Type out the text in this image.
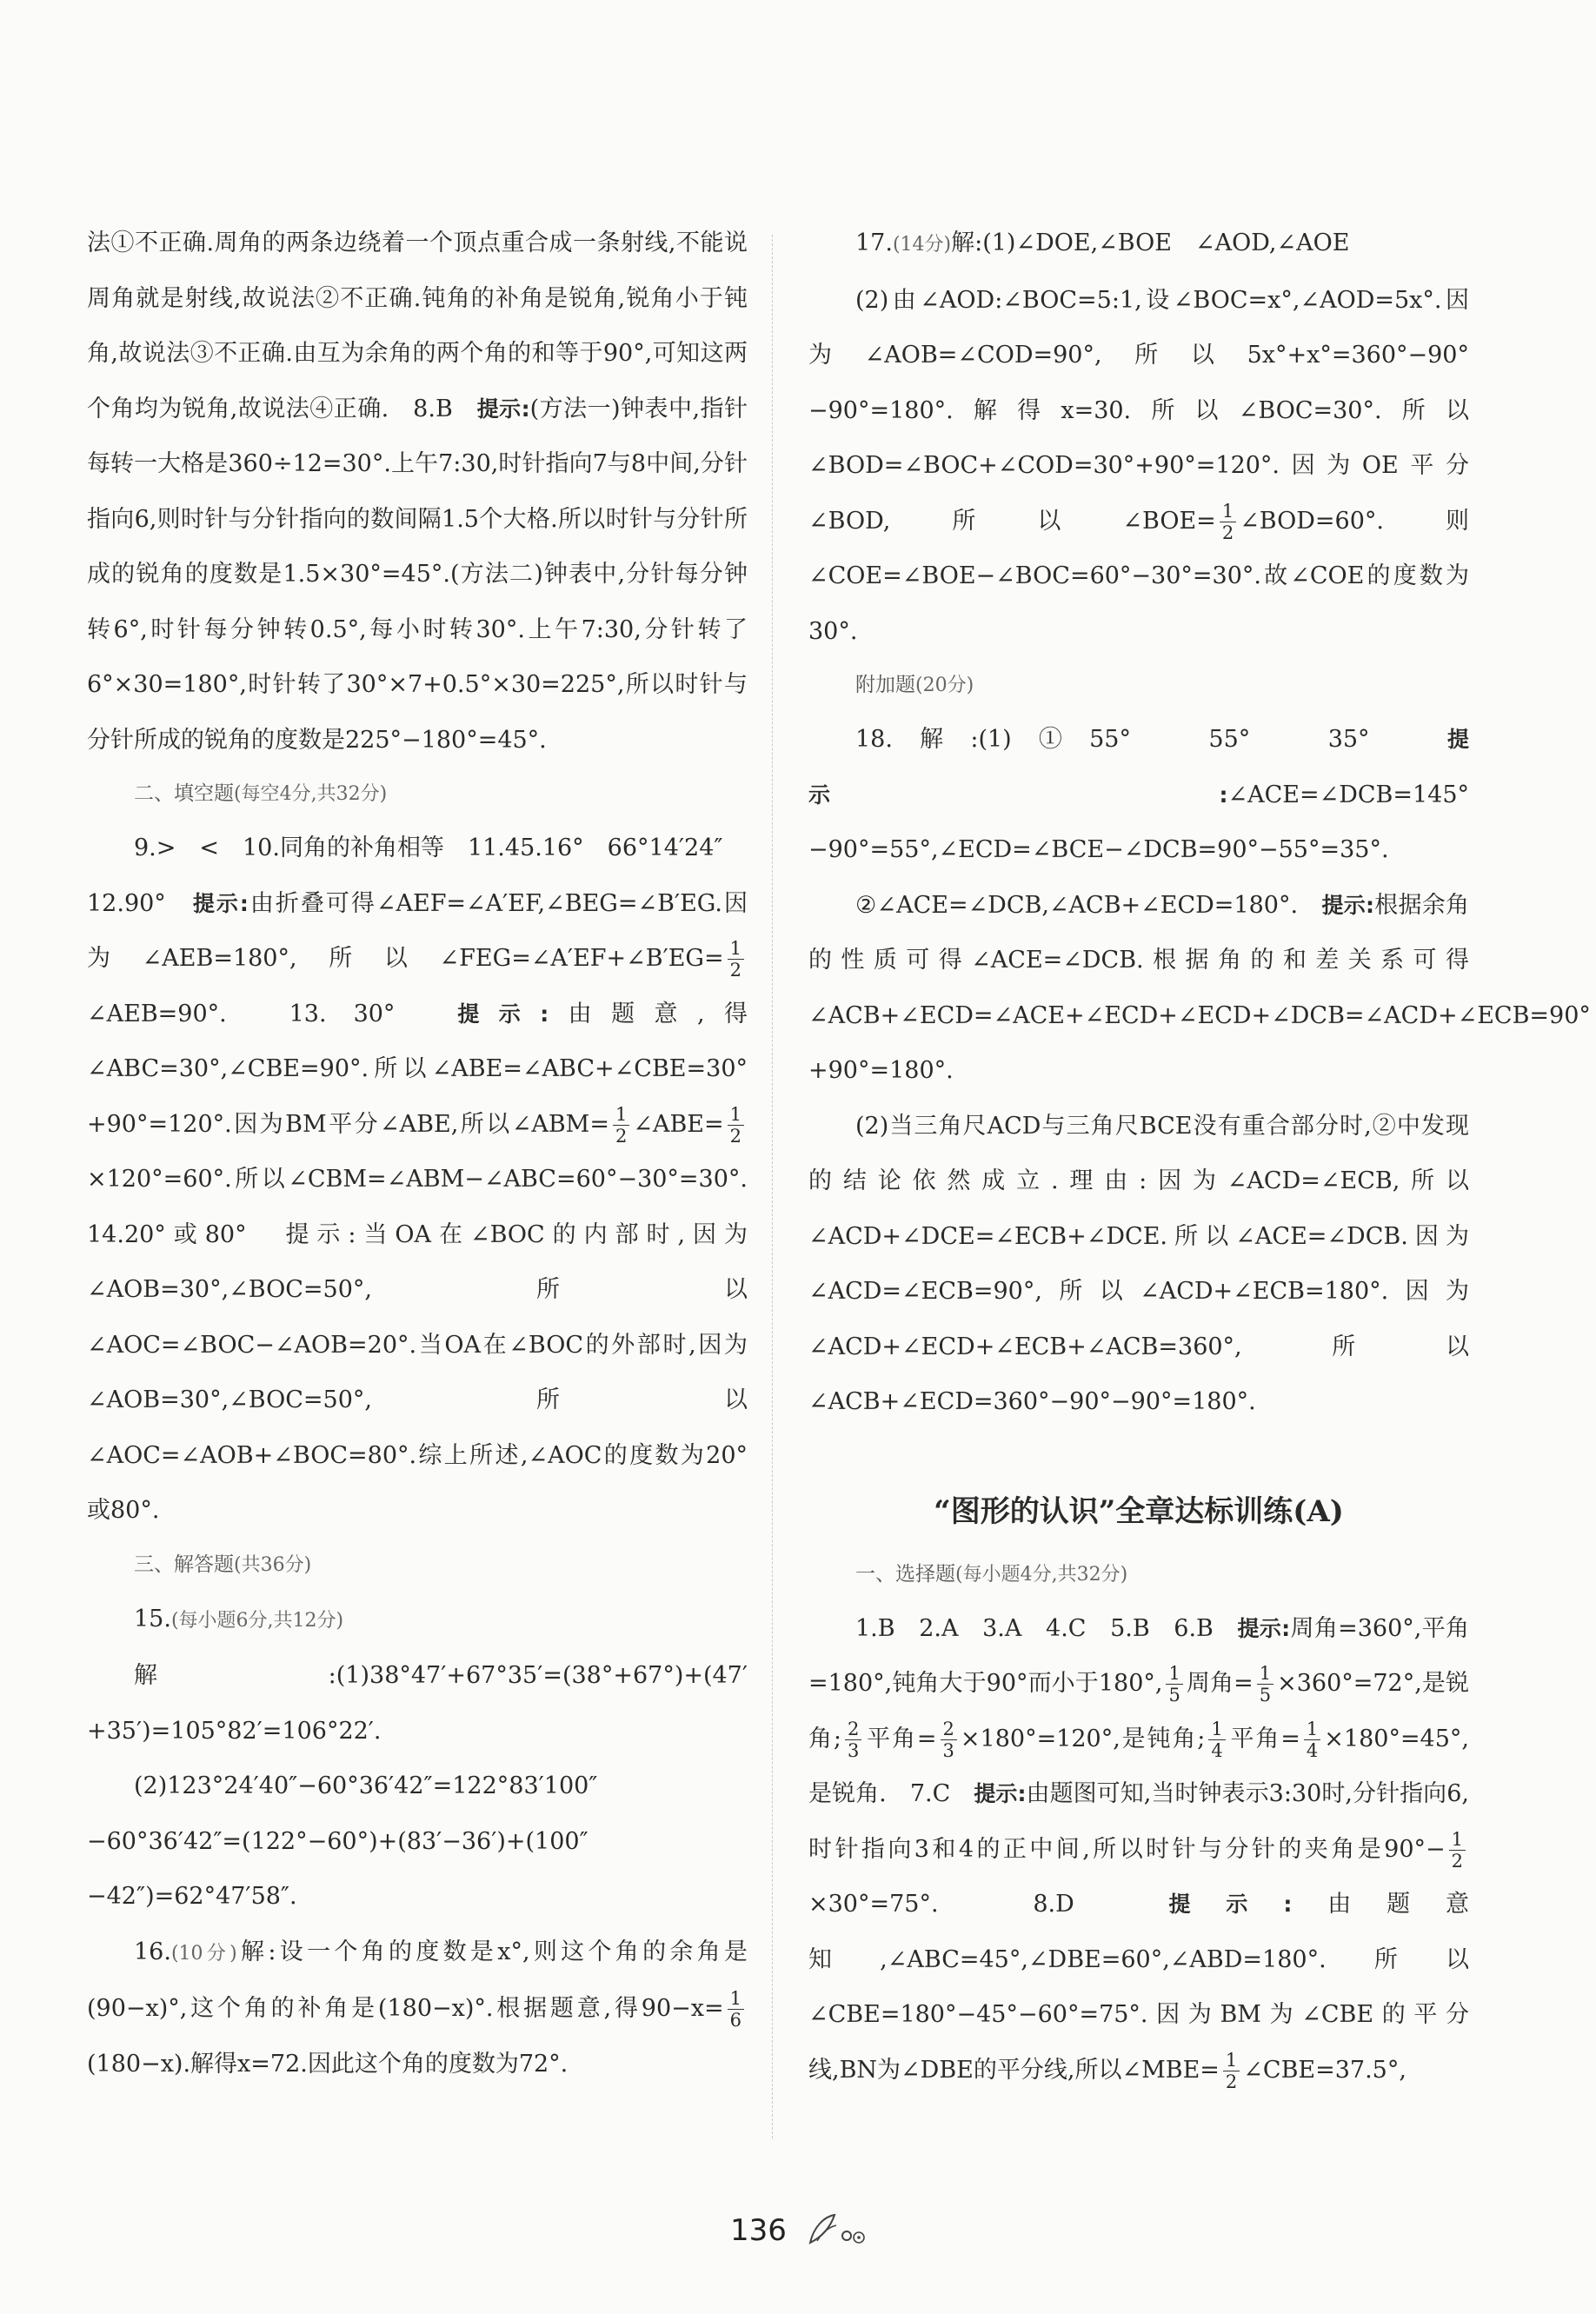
法①不正确.周角的两条边绕着一个顶点重合成一条射线,不能说周角就是射线,故说法②不正确.钝角的补角是锐角,锐角小于钝角,故说法③不正确.由互为余角的两个角的和等于90°,可知这两个角均为锐角,故说法④正确.　8.B　提示:(方法一)钟表中,指针每转一大格是360÷12=30°.上午7:30,时针指向7与8中间,分针指向6,则时针与分针指向的数间隔1.5个大格.所以时针与分针所成的锐角的度数是1.5×30°=45°.(方法二)钟表中,分针每分钟转6°,时针每分钟转0.5°,每小时转30°.上午7:30,分针转了6°×30=180°,时针转了30°×7+0.5°×30=225°,所以时针与分针所成的锐角的度数是225°−180°=45°.

二、填空题(每空4分,共32分)

9.>　<　10.同角的补角相等　11.45.16°　66°14′24″

12.90°　提示:由折叠可得∠AEF=∠A′EF,∠BEG=∠B′EG.因为∠AEB=180°,所以∠FEG=∠A′EF+∠B′EG= $\frac{1}{2}$
∠AEB=90°.　13. 30°　提示:由题意,得∠ABC=30°,∠CBE=90°.所以∠ABE=∠ABC+∠CBE=30°+90°=120°.因为BM平分∠ABE,所以∠ABM= $\frac{1}{2}$ ∠ABE= $\frac{1}{2}$
×120°=60°.所以∠CBM=∠ABM−∠ABC=60°−30°=30°.　14.20°或80°　提示:当OA在∠BOC的内部时,因为∠AOB=30°,∠BOC=50°,所以∠AOC=∠BOC−∠AOB=20°.当OA在∠BOC的外部时,因为∠AOB=30°,∠BOC=50°,所以∠AOC=∠AOB+∠BOC=80°.综上所述,∠AOC的度数为20°或80°.

三、解答题(共36分)

15.(每小题6分,共12分)

解:(1)38°47′+67°35′=(38°+67°)+(47′+35′)=105°82′=106°22′.

(2)123°24′40″−60°36′42″=122°83′100″−60°36′42″=(122°−60°)+(83′−36′)+(100″−42″)=62°47′58″.

16.(10分)解:设一个角的度数是x°,则这个角的余角是(90−x)°,这个角的补角是(180−x)°.根据题意,得$90-x= \frac{1}{6}$
(180−x).解得x=72.因此这个角的度数为72°.

17.(14分)解:(1)∠DOE,∠BOE　∠AOD,∠AOE

(2)由∠AOD:∠BOC=5:1,设∠BOC=x°,∠AOD=5x°.因为∠AOB=∠COD=90°,所以5x°+x°=360°−90°−90°=180°.解得x=30.所以∠BOC=30°.所以∠BOD=∠BOC+∠COD=30°+90°=120°.因为OE平分∠BOD,所以∠BOE= $\frac{1}{2}$ ∠BOD=60°.则∠COE=∠BOE−∠BOC=60°−30°=30°.故∠COE的度数为30°.

附加题(20分)

18.解:(1)①55°　55°　35°　提示:∠ACE=∠DCB=145°−90°=55°,∠ECD=∠BCE−∠DCB=90°−55°=35°.

②∠ACE=∠DCB,∠ACB+∠ECD=180°.　提示:根据余角的性质可得∠ACE=∠DCB.根据角的和差关系可得∠ACB+∠ECD=∠ACE+∠ECD+∠ECD+∠DCB=∠ACD+∠ECB=90°+90°=180°.

(2)当三角尺ACD与三角尺BCE没有重合部分时,②中发现的结论依然成立.理由:因为∠ACD=∠ECB,所以∠ACD+∠DCE=∠ECB+∠DCE.所以∠ACE=∠DCB.因为∠ACD=∠ECB=90°,所以∠ACD+∠ECB=180°.因为∠ACD+∠ECD+∠ECB+∠ACB=360°,所以∠ACB+∠ECD=360°−90°−90°=180°.

“图形的认识”全章达标训练(A)

一、选择题(每小题4分,共32分)

1.B　2.A　3.A　4.C　5.B　6.B　提示:周角=360°,平角=180°,钝角大于90°而小于180°, $\frac{1}{5}$ 周角= $\frac{1}{5} \times 360^\circ=72^\circ$,是锐角; $\frac{2}{3}$ 平角= $\frac{2}{3} \times 180^\circ=120^\circ$,是钝角; $\frac{1}{4}$ 平角= $\frac{1}{4} \times 180^\circ=45^\circ$,是锐角.　7.C　提示:由题图可知,当时钟表示3:30时,分针指向6,时针指向3和4的正中间,所以时针与分针的夹角是$90^\circ- \frac{1}{2}$
×30°=75°.　8.D　提示:由题意知,∠ABC=45°,∠DBE=60°,∠ABD=180°.所以∠CBE=180°−45°−60°=75°.因为BM为∠CBE的平分线,BN为∠DBE的平分线,所以∠MBE= $\frac{1}{2}$ ∠CBE=37.5°,

136
